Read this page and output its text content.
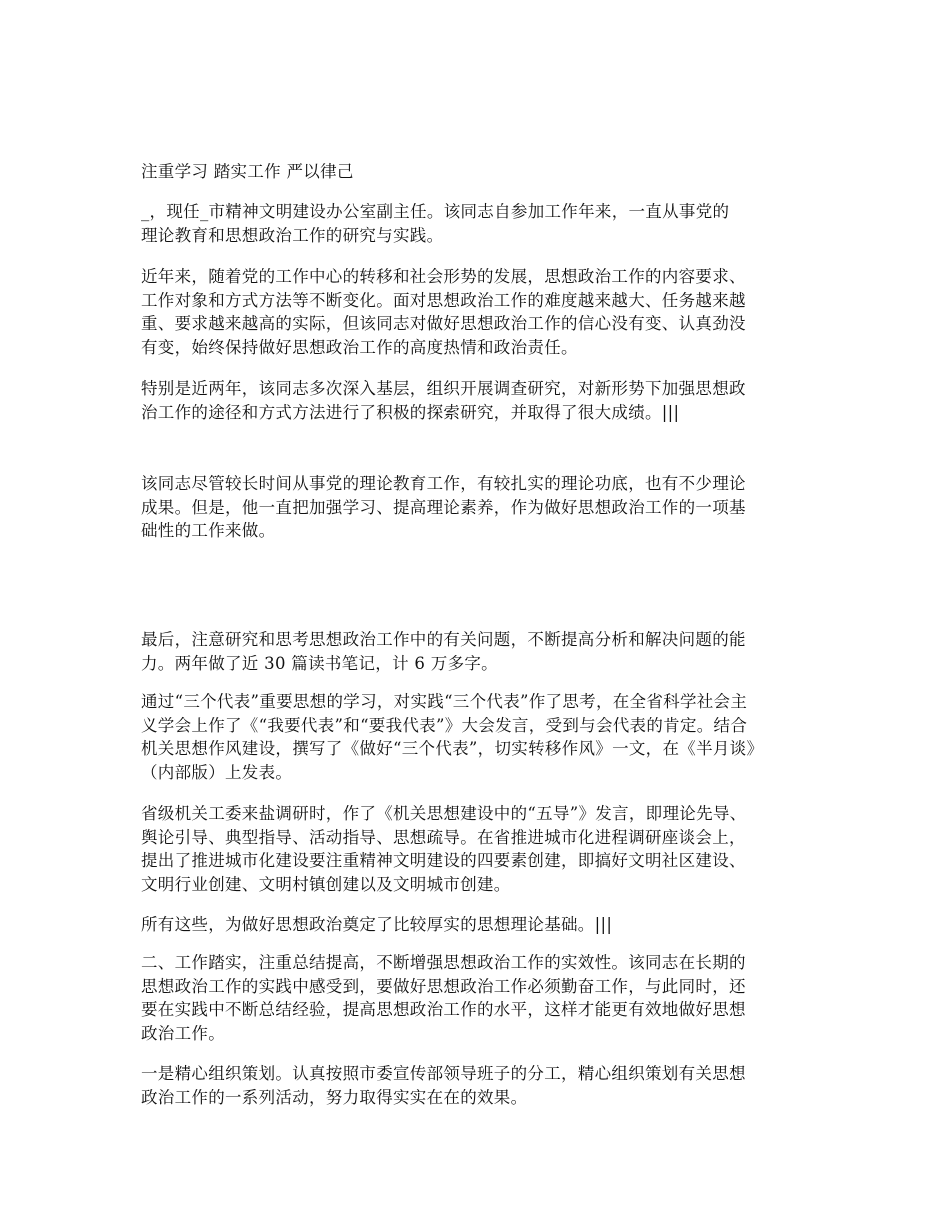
注重学习 踏实工作 严以律己

_，现任_市精神文明建设办公室副主任。该同志自参加工作年来，一直从事党的
理论教育和思想政治工作的研究与实践。

近年来，随着党的工作中心的转移和社会形势的发展，思想政治工作的内容要求、
工作对象和方式方法等不断变化。面对思想政治工作的难度越来越大、任务越来越
重、要求越来越高的实际，但该同志对做好思想政治工作的信心没有变、认真劲没
有变，始终保持做好思想政治工作的高度热情和政治责任。

特别是近两年，该同志多次深入基层，组织开展调查研究，对新形势下加强思想政
治工作的途径和方式方法进行了积极的探索研究，并取得了很大成绩。|||

该同志尽管较长时间从事党的理论教育工作，有较扎实的理论功底，也有不少理论
成果。但是，他一直把加强学习、提高理论素养，作为做好思想政治工作的一项基
础性的工作来做。

最后，注意研究和思考思想政治工作中的有关问题，不断提高分析和解决问题的能
力。两年做了近 30 篇读书笔记，计 6 万多字。

通过“三个代表”重要思想的学习，对实践“三个代表”作了思考，在全省科学社会主
义学会上作了《“我要代表”和“要我代表”》大会发言，受到与会代表的肯定。结合
机关思想作风建设，撰写了《做好“三个代表”，切实转移作风》一文，在《半月谈》
（内部版）上发表。

省级机关工委来盐调研时，作了《机关思想建设中的“五导”》发言，即理论先导、
舆论引导、典型指导、活动指导、思想疏导。在省推进城市化进程调研座谈会上，
提出了推进城市化建设要注重精神文明建设的四要素创建，即搞好文明社区建设、
文明行业创建、文明村镇创建以及文明城市创建。

所有这些，为做好思想政治奠定了比较厚实的思想理论基础。|||

二、工作踏实，注重总结提高，不断增强思想政治工作的实效性。该同志在长期的
思想政治工作的实践中感受到，要做好思想政治工作必须勤奋工作，与此同时，还
要在实践中不断总结经验，提高思想政治工作的水平，这样才能更有效地做好思想
政治工作。

一是精心组织策划。认真按照市委宣传部领导班子的分工，精心组织策划有关思想
政治工作的一系列活动，努力取得实实在在的效果。
